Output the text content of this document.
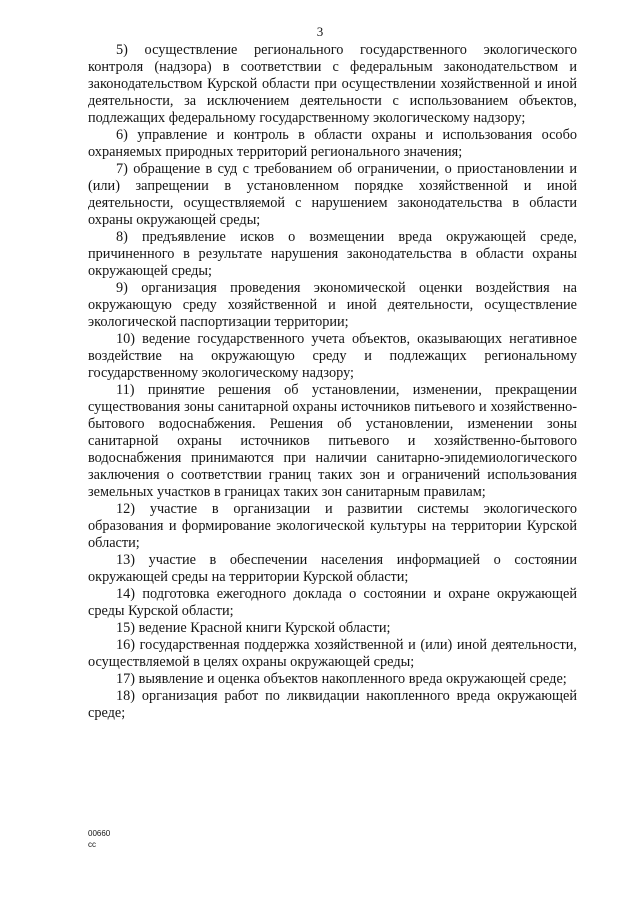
3

5) осуществление регионального государственного экологического контроля (надзора) в соответствии с федеральным законодательством и законодательством Курской области при осуществлении хозяйственной и иной деятельности, за исключением деятельности с использованием объектов, подлежащих федеральному государственному экологическому надзору;

6) управление и контроль в области охраны и использования особо охраняемых природных территорий регионального значения;

7) обращение в суд с требованием об ограничении, о приостановлении и (или) запрещении в установленном порядке хозяйственной и иной деятельности, осуществляемой с нарушением законодательства в области охраны окружающей среды;

8) предъявление исков о возмещении вреда окружающей среде, причиненного в результате нарушения законодательства в области охраны окружающей среды;

9) организация проведения экономической оценки воздействия на окружающую среду хозяйственной и иной деятельности, осуществление экологической паспортизации территории;

10) ведение государственного учета объектов, оказывающих негативное воздействие на окружающую среду и подлежащих региональному государственному экологическому надзору;

11) принятие решения об установлении, изменении, прекращении существования зоны санитарной охраны источников питьевого и хозяйственно-бытового водоснабжения. Решения об установлении, изменении зоны санитарной охраны источников питьевого и хозяйственно-бытового водоснабжения принимаются при наличии санитарно-эпидемиологического заключения о соответствии границ таких зон и ограничений использования земельных участков в границах таких зон санитарным правилам;

12) участие в организации и развитии системы экологического образования и формирование экологической культуры на территории Курской области;

13) участие в обеспечении населения информацией о состоянии окружающей среды на территории Курской области;

14) подготовка ежегодного доклада о состоянии и охране окружающей среды Курской области;

15) ведение Красной книги Курской области;

16) государственная поддержка хозяйственной и (или) иной деятельности, осуществляемой в целях охраны окружающей среды;

17) выявление и оценка объектов накопленного вреда окружающей среде;

18) организация работ по ликвидации накопленного вреда окружающей среде;

00660
cc
